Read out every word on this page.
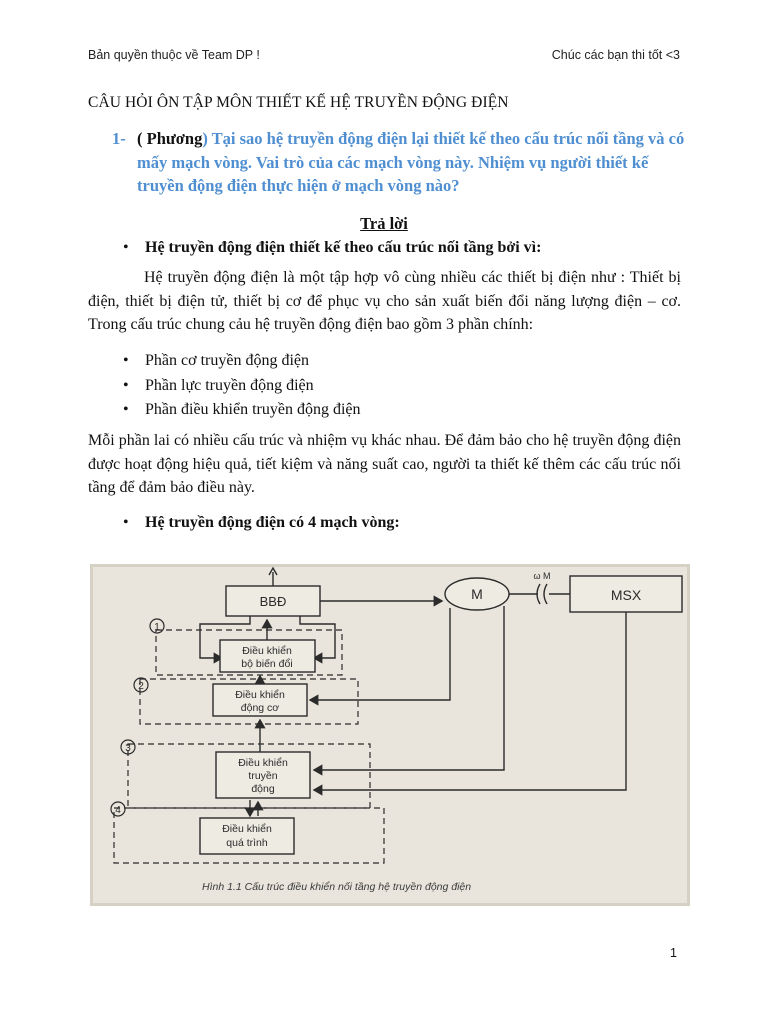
Bản quyền thuộc về Team DP !	Chúc các bạn thi tốt <3
CÂU HỎI ÔN TẬP MÔN THIẾT KẾ HỆ TRUYỀN ĐỘNG ĐIỆN
1- ( Phương) Tại sao hệ truyền động điện lại thiết kế theo cấu trúc nối tầng và có mấy mạch vòng. Vai trò của các mạch vòng này. Nhiệm vụ người thiết kế truyền động điện thực hiện ở mạch vòng nào?
Trả lời
• Hệ truyền động điện thiết kế theo cấu trúc nối tầng bởi vì:
Hệ truyền động điện là một tập hợp vô cùng nhiều các thiết bị điện như : Thiết bị điện, thiết bị điện tử, thiết bị cơ để phục vụ cho sản xuất biến đổi năng lượng điện – cơ. Trong cấu trúc chung cảu hệ truyền động điện bao gồm 3 phần chính:
• Phần cơ truyền động điện
• Phần lực truyền động điện
• Phần điều khiển truyền động điện
Mỗi phần lai có nhiều cấu trúc và nhiệm vụ khác nhau. Để đảm bảo cho hệ truyền động điện được hoạt động hiệu quả, tiết kiệm và năng suất cao, người ta thiết kế thêm các cấu trúc nối tầng để đảm bảo điều này.
• Hệ truyền động điện có 4 mạch vòng:
1
2
3
4
BBĐ	M
ω M
MSX
Điều khiển
bộ biến đổi
Điều khiển
động cơ
Điều khiển
truyền
động
Điều khiển
quá trình
Hình 1.1 Cấu trúc điều khiển nối tầng hệ truyền động điện
1
